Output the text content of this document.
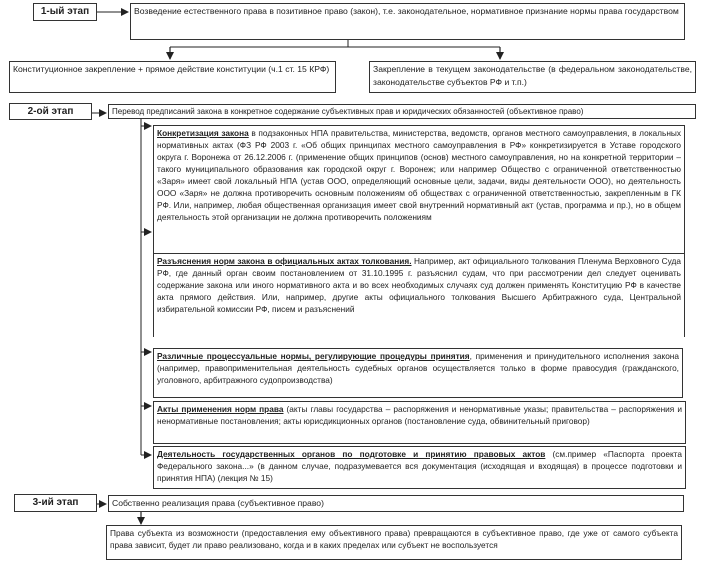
1-ый этап	Возведение естественного права в позитивное право (закон), т.е. законодательное, нормативное признание нормы права государством
Конституционное закрепление + прямое действие конституции (ч.1 ст. 15 КРФ)	Закрепление в текущем законодательстве (в федеральном законодательстве, законодательстве субъектов РФ и т.п.)
2-ой этап	Перевод предписаний закона в конкретное содержание субъективных прав и юридических обязанностей (объективное право)
Конкретизация закона в подзаконных НПА правительства, министерства, ведомств, органов местного самоуправления, в локальных нормативных актах (ФЗ РФ 2003 г. «Об общих принципах местного самоуправления в РФ» конкретизируется в Уставе городского округа г. Воронежа от 26.12.2006 г. (применение общих принципов (основ) местного самоуправления, но на конкретной территории – такого муниципального образования как городской округ г. Воронеж; или например Общество с ограниченной ответственностью «Заря» имеет свой локальный НПА (устав ООО, определяющий основные цели, задачи, виды деятельности ООО), но деятельность ООО «Заря» не должна противоречить основным положениям об обществах с ограниченной ответственностью, закрепленным в ГК РФ. Или, например, любая общественная организация имеет свой внутренний нормативный акт (устав, программа и пр.), но в общем деятельность этой организации не должна противоречить положениям
Разъяснения норм закона в официальных актах толкования. Например, акт официального толкования Пленума Верховного Суда РФ, где данный орган своим постановлением от 31.10.1995 г. разъяснил судам, что при рассмотрении дел следует оценивать содержание закона или иного нормативного акта и во всех необходимых случаях суд должен применять Конституцию РФ в качестве акта прямого действия. Или, например, другие акты официального толкования Высшего Арбитражного суда, Центральной избирательной комиссии РФ, писем и разъяснений
Различные процессуальные нормы, регулирующие процедуры принятия, применения и принудительного исполнения закона (например, правоприменительная деятельность судебных органов осуществляется только в форме правосудия (гражданского, уголовного, арбитражного судопроизводства)
Акты применения норм права (акты главы государства – распоряжения и ненормативные указы; правительства – распоряжения и ненормативные постановления; акты юрисдикционных органов (постановление суда, обвинительный приговор)
Деятельность государственных органов по подготовке и принятию правовых актов (см.пример «Паспорта проекта Федерального закона...» (в данном случае, подразумевается вся документация (исходящая и входящая) в процессе подготовки и принятия НПА) (лекция № 15)
3-ий этап	Собственно реализация права (субъективное право)
Права субъекта из возможности (предоставления ему объективного права) превращаются в субъективное право, где уже от самого субъекта права зависит, будет ли право реализовано, когда и в каких пределах или субъект не воспользуется
